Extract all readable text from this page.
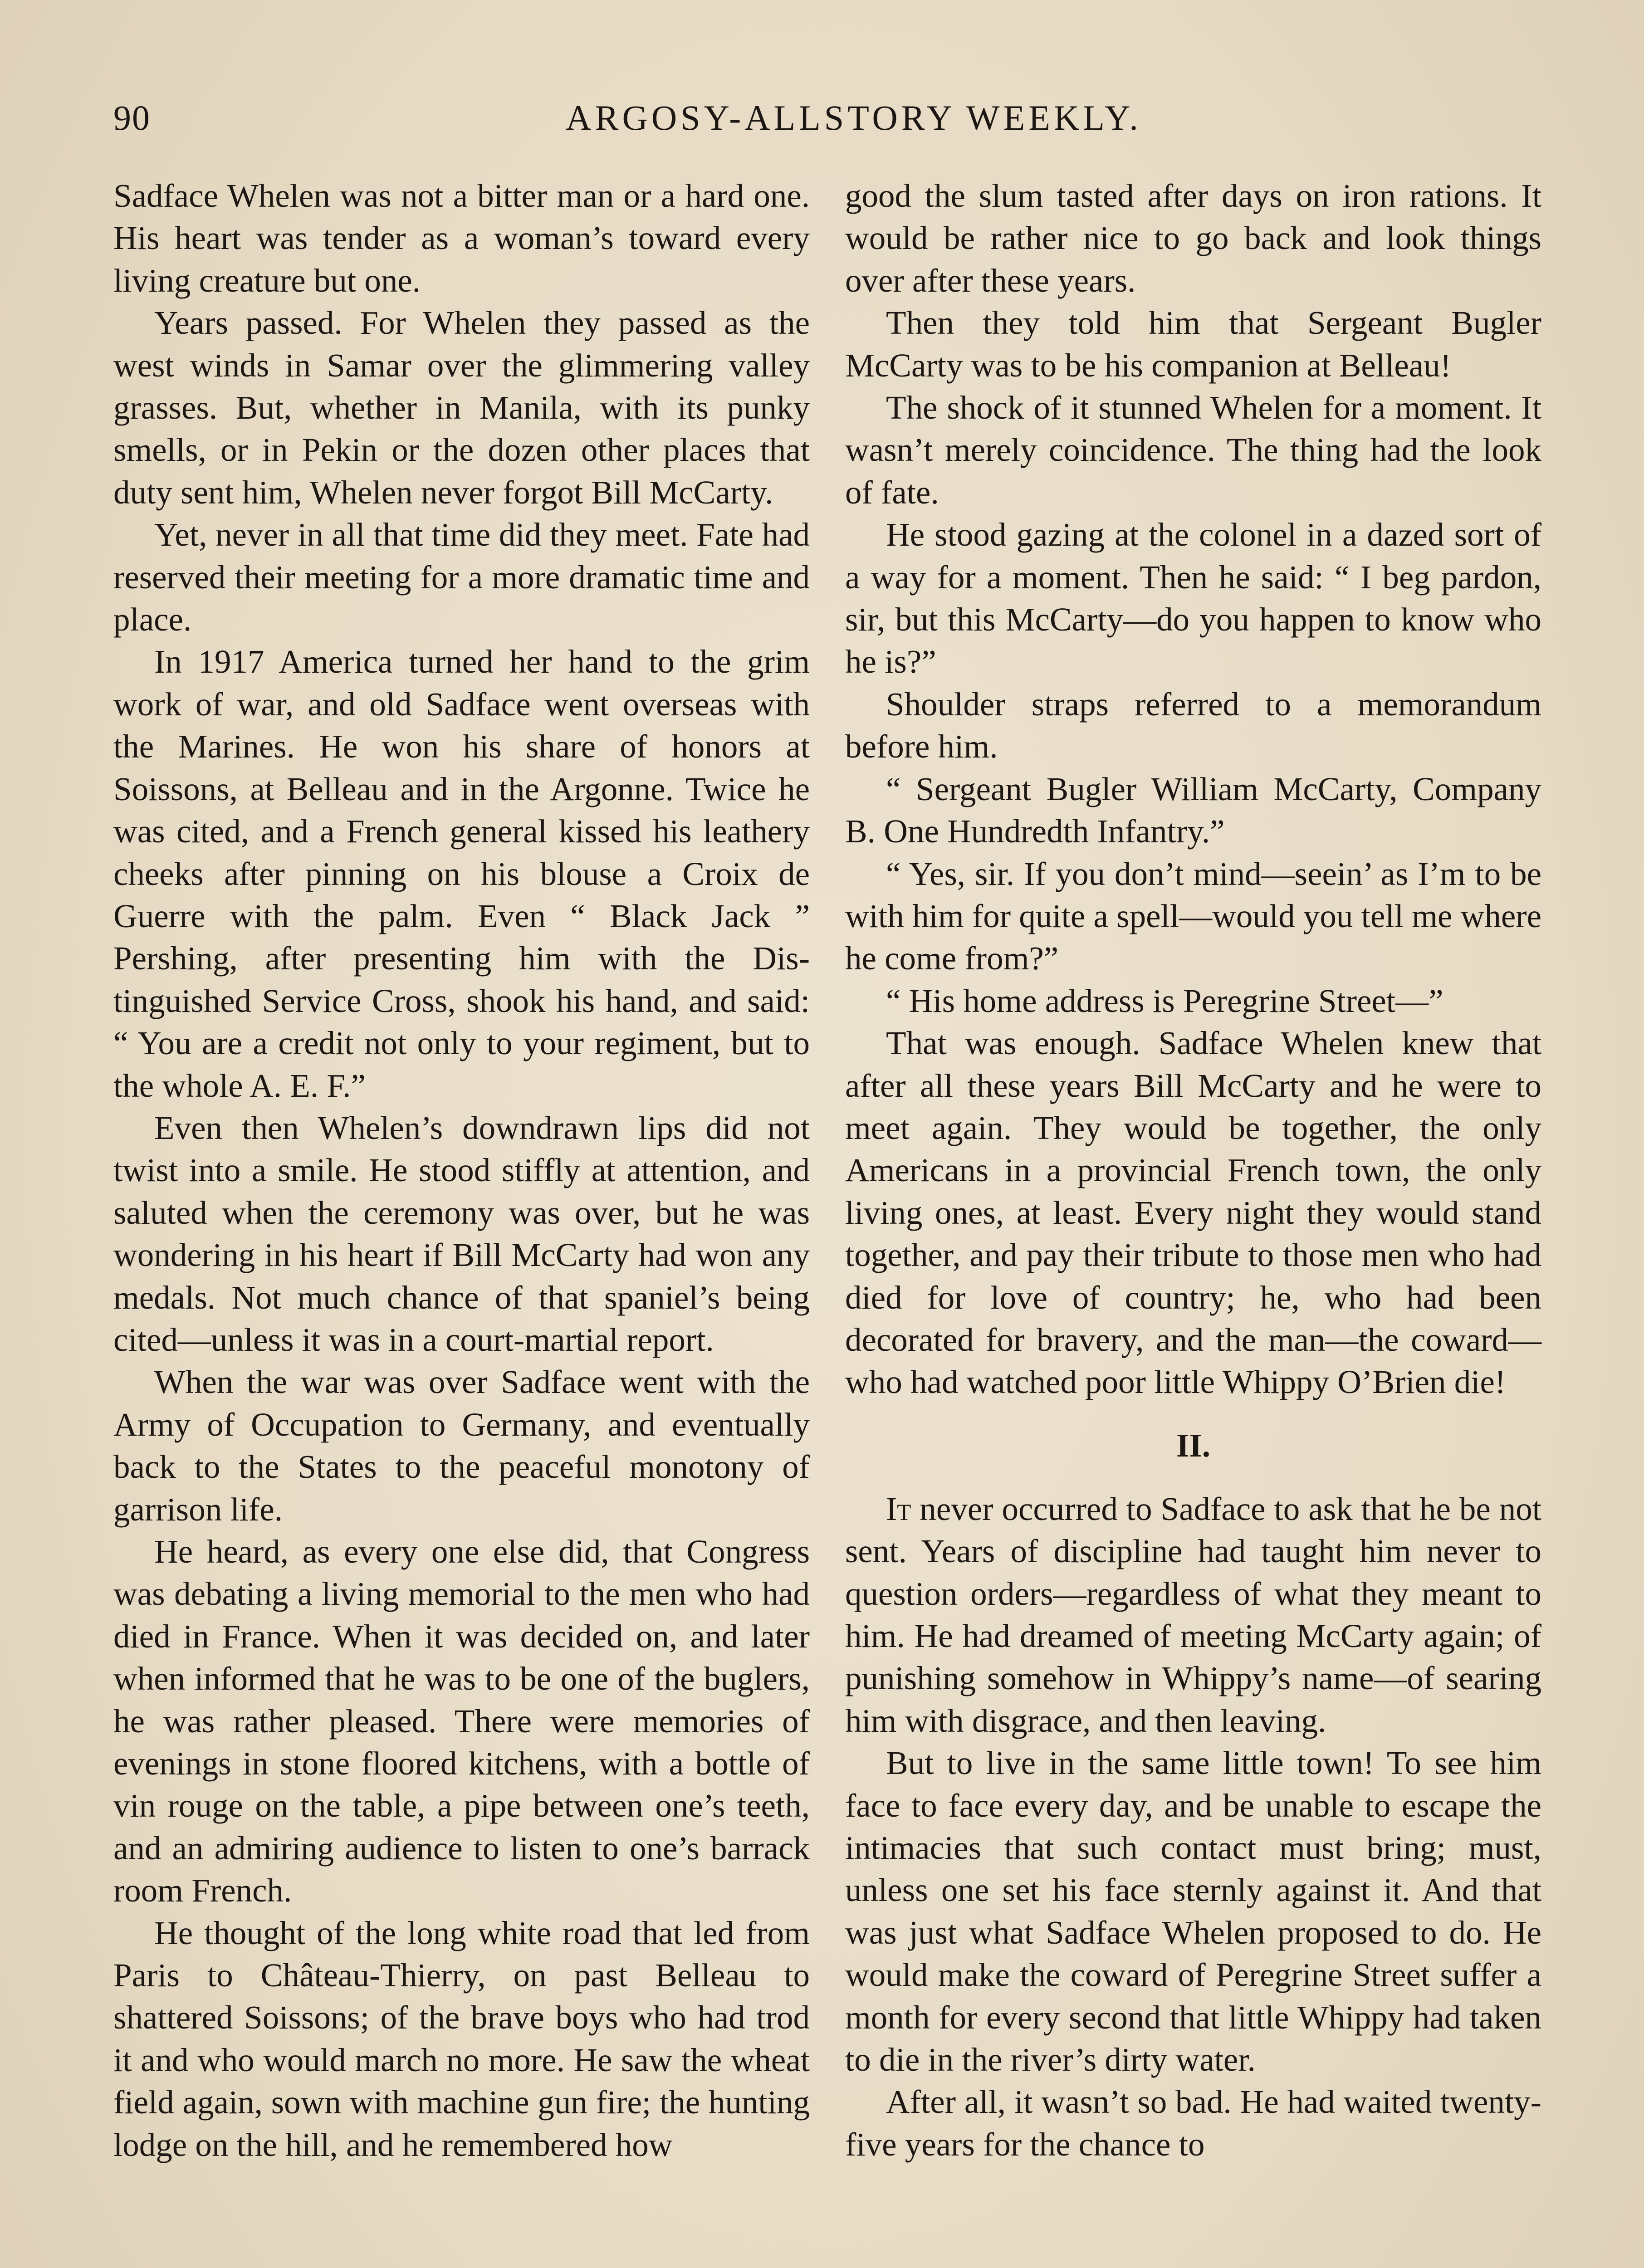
90	ARGOSY-ALLSTORY WEEKLY.

Sadface Whelen was not a bitter man or a hard one. His heart was tender as a woman’s toward every living creature but one.

Years passed. For Whelen they passed as the west winds in Samar over the glimmering valley grasses. But, whether in Manila, with its punky smells, or in Pekin or the dozen other places that duty sent him, Whelen never forgot Bill McCarty.

Yet, never in all that time did they meet. Fate had reserved their meeting for a more dramatic time and place.

In 1917 America turned her hand to the grim work of war, and old Sadface went overseas with the Marines. He won his share of honors at Soissons, at Belleau and in the Argonne. Twice he was cited, and a French general kissed his leathery cheeks after pinning on his blouse a Croix de Guerre with the palm. Even “ Black Jack ” Pershing, after presenting him with the Distinguished Service Cross, shook his hand, and said: “ You are a credit not only to your regiment, but to the whole A. E. F.”

Even then Whelen’s downdrawn lips did not twist into a smile. He stood stiffly at attention, and saluted when the ceremony was over, but he was wondering in his heart if Bill McCarty had won any medals. Not much chance of that spaniel’s being cited—unless it was in a court-martial report.

When the war was over Sadface went with the Army of Occupation to Germany, and eventually back to the States to the peaceful monotony of garrison life.

He heard, as every one else did, that Congress was debating a living memorial to the men who had died in France. When it was decided on, and later when informed that he was to be one of the buglers, he was rather pleased. There were memories of evenings in stone floored kitchens, with a bottle of vin rouge on the table, a pipe between one’s teeth, and an admiring audience to listen to one’s barrack room French.

He thought of the long white road that led from Paris to Château-Thierry, on past Belleau to shattered Soissons; of the brave boys who had trod it and who would march no more. He saw the wheat field again, sown with machine gun fire; the hunting lodge on the hill, and he remembered how

good the slum tasted after days on iron rations. It would be rather nice to go back and look things over after these years.

Then they told him that Sergeant Bugler McCarty was to be his companion at Belleau!

The shock of it stunned Whelen for a moment. It wasn’t merely coincidence. The thing had the look of fate.

He stood gazing at the colonel in a dazed sort of a way for a moment. Then he said: “ I beg pardon, sir, but this McCarty—do you happen to know who he is?”

Shoulder straps referred to a memorandum before him.

“ Sergeant Bugler William McCarty, Company B. One Hundredth Infantry.”

“ Yes, sir. If you don’t mind—seein’ as I’m to be with him for quite a spell—would you tell me where he come from?”

“ His home address is Peregrine Street—”

That was enough. Sadface Whelen knew that after all these years Bill McCarty and he were to meet again. They would be together, the only Americans in a provincial French town, the only living ones, at least. Every night they would stand together, and pay their tribute to those men who had died for love of country; he, who had been decorated for bravery, and the man—the coward—who had watched poor little Whippy O’Brien die!

II.

It never occurred to Sadface to ask that he be not sent. Years of discipline had taught him never to question orders—regardless of what they meant to him. He had dreamed of meeting McCarty again; of punishing somehow in Whippy’s name—of searing him with disgrace, and then leaving.

But to live in the same little town! To see him face to face every day, and be unable to escape the intimacies that such contact must bring; must, unless one set his face sternly against it. And that was just what Sadface Whelen proposed to do. He would make the coward of Peregrine Street suffer a month for every second that little Whippy had taken to die in the river’s dirty water.

After all, it wasn’t so bad. He had waited twenty-five years for the chance to
